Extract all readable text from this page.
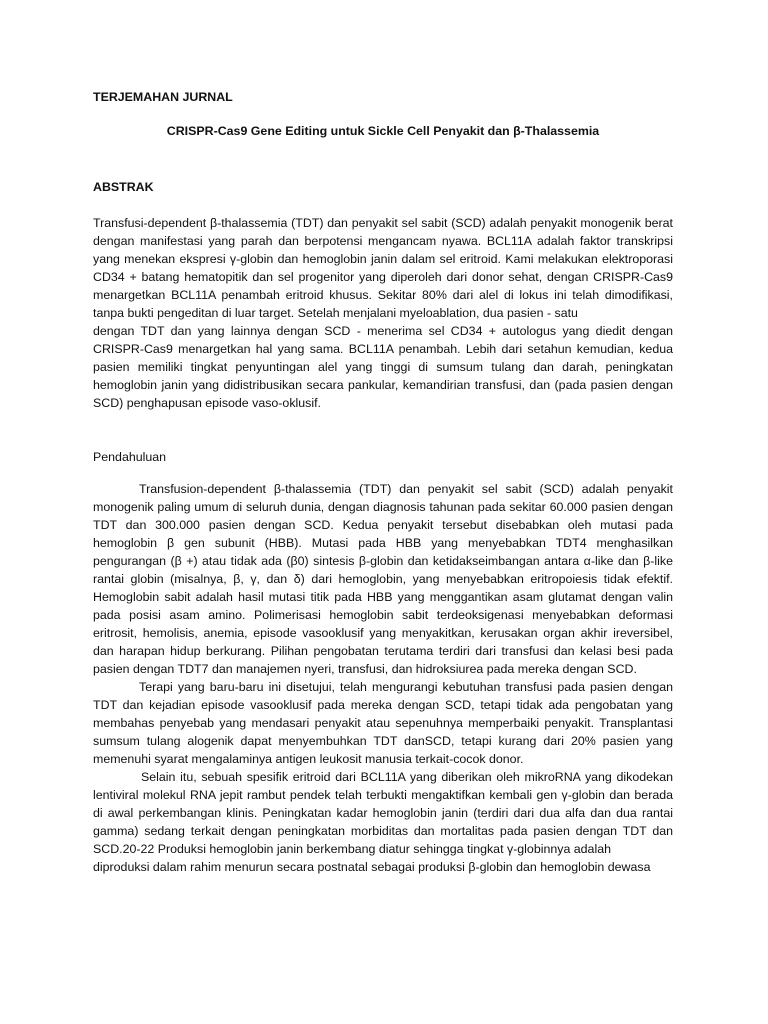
TERJEMAHAN JURNAL

CRISPR-Cas9 Gene Editing untuk Sickle Cell Penyakit dan β-Thalassemia

ABSTRAK

Transfusi-dependent β-thalassemia (TDT) dan penyakit sel sabit (SCD) adalah penyakit monogenik berat dengan manifestasi yang parah dan berpotensi mengancam nyawa. BCL11A adalah faktor transkripsi yang menekan ekspresi γ-globin dan hemoglobin janin dalam sel eritroid. Kami melakukan elektroporasi CD34 + batang hematopitik dan sel progenitor yang diperoleh dari donor sehat, dengan CRISPR-Cas9 menargetkan BCL11A penambah eritroid khusus. Sekitar 80% dari alel di lokus ini telah dimodifikasi, tanpa bukti pengeditan di luar target. Setelah menjalani myeloablation, dua pasien - satu

dengan TDT dan yang lainnya dengan SCD - menerima sel CD34 + autologus yang diedit dengan CRISPR-Cas9 menargetkan hal yang sama. BCL11A penambah. Lebih dari setahun kemudian, kedua pasien memiliki tingkat penyuntingan alel yang tinggi di sumsum tulang dan darah, peningkatan hemoglobin janin yang didistribusikan secara pankular, kemandirian transfusi, dan (pada pasien dengan SCD) penghapusan episode vaso-oklusif.

Pendahuluan

Transfusion-dependent β-thalassemia (TDT) dan penyakit sel sabit (SCD) adalah penyakit monogenik paling umum di seluruh dunia, dengan diagnosis tahunan pada sekitar 60.000 pasien dengan TDT dan 300.000 pasien dengan SCD. Kedua penyakit tersebut disebabkan oleh mutasi pada hemoglobin β gen subunit (HBB). Mutasi pada HBB yang menyebabkan TDT4 menghasilkan pengurangan (β +) atau tidak ada (β0) sintesis β-globin dan ketidakseimbangan antara α-like dan β-like rantai globin (misalnya, β, γ, dan δ) dari hemoglobin, yang menyebabkan eritropoiesis tidak efektif. Hemoglobin sabit adalah hasil mutasi titik pada HBB yang menggantikan asam glutamat dengan valin pada posisi asam amino. Polimerisasi hemoglobin sabit terdeoksigenasi menyebabkan deformasi eritrosit, hemolisis, anemia, episode vasooklusif yang menyakitkan, kerusakan organ akhir ireversibel, dan harapan hidup berkurang. Pilihan pengobatan terutama terdiri dari transfusi dan kelasi besi pada pasien dengan TDT7 dan manajemen nyeri, transfusi, dan hidroksiurea pada mereka dengan SCD.

Terapi yang baru-baru ini disetujui, telah mengurangi kebutuhan transfusi pada pasien dengan TDT dan kejadian episode vasooklusif pada mereka dengan SCD, tetapi tidak ada pengobatan yang membahas penyebab yang mendasari penyakit atau sepenuhnya memperbaiki penyakit. Transplantasi sumsum tulang alogenik dapat menyembuhkan TDT danSCD, tetapi kurang dari 20% pasien yang memenuhi syarat mengalaminya antigen leukosit manusia terkait-cocok donor.

Selain itu, sebuah spesifik eritroid dari BCL11A yang diberikan oleh mikroRNA yang dikodekan lentiviral molekul RNA jepit rambut pendek telah terbukti mengaktifkan kembali gen γ-globin dan berada di awal perkembangan klinis. Peningkatan kadar hemoglobin janin (terdiri dari dua alfa dan dua rantai gamma) sedang terkait dengan peningkatan morbiditas dan mortalitas pada pasien dengan TDT dan SCD.20-22 Produksi hemoglobin janin berkembang diatur sehingga tingkat γ-globinnya adalah

diproduksi dalam rahim menurun secara postnatal sebagai produksi β-globin dan hemoglobin dewasa
